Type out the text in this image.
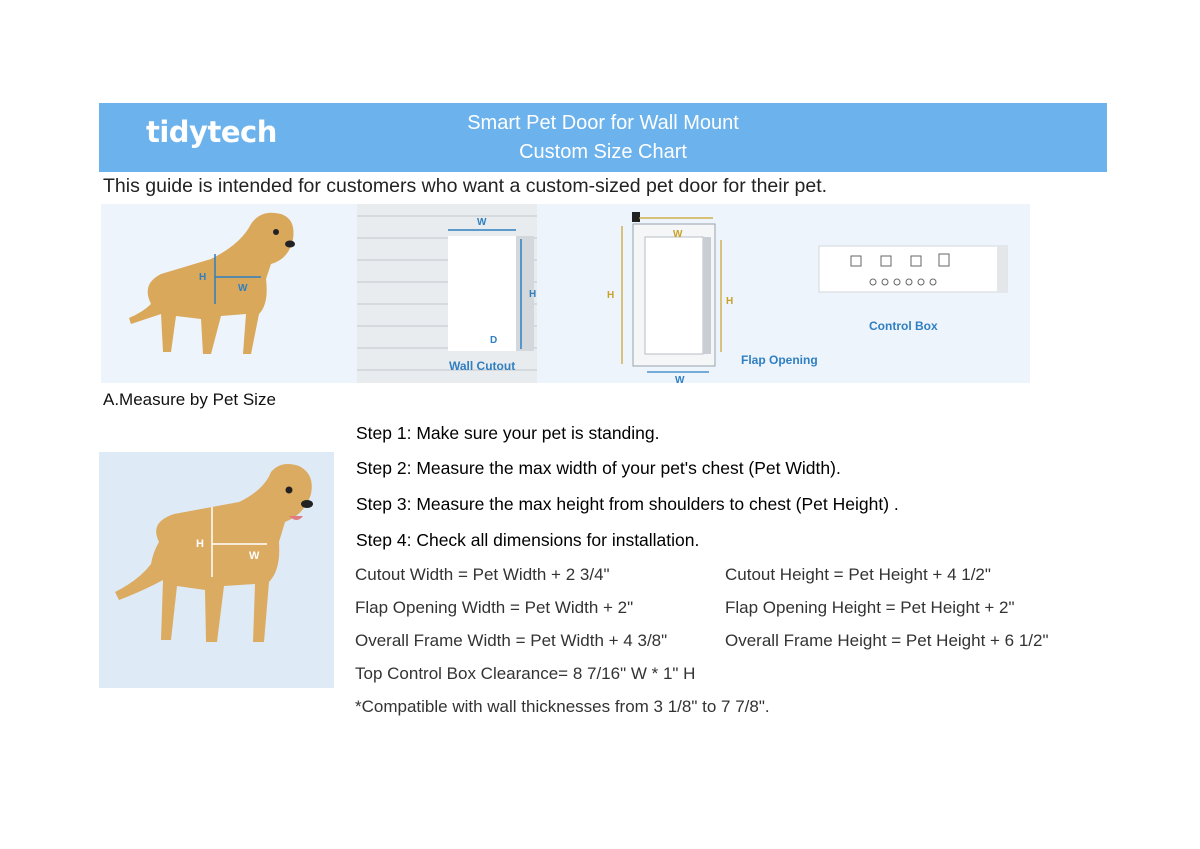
tidytech	Smart Pet Door for Wall Mount
Custom Size Chart
This guide is intended for customers who want a custom-sized pet door for their pet.
H
W
W
H
D
Wall Cutout
W
H
H
W
Flap Opening
Control Box
A.Measure by Pet Size
H
W
Step 1: Make sure your pet is standing.
Step 2: Measure the max width of your pet's chest (Pet Width).
Step 3: Measure the max height from shoulders to chest (Pet Height) .
Step 4: Check all dimensions for installation.
Cutout Width = Pet Width + 2 3/4"	Cutout Height = Pet Height + 4 1/2"
Flap Opening Width = Pet Width + 2"	Flap Opening Height = Pet Height + 2"
Overall Frame Width = Pet Width + 4 3/8"	Overall Frame Height = Pet Height + 6 1/2"
Top Control Box Clearance= 8 7/16" W * 1" H
*Compatible with wall thicknesses from 3 1/8" to 7 7/8".
